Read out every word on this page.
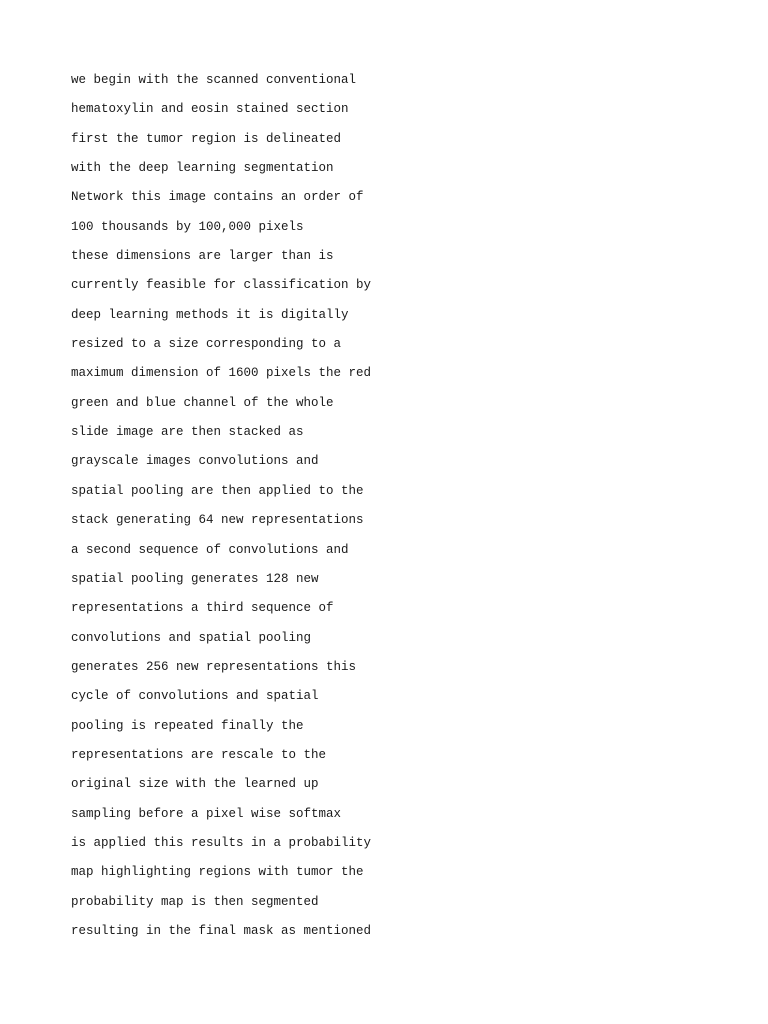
we begin with the scanned conventional
hematoxylin and eosin stained section
first the tumor region is delineated
with the deep learning segmentation
Network this image contains an order of
100 thousands by 100,000 pixels
these dimensions are larger than is
currently feasible for classification by
deep learning methods it is digitally
resized to a size corresponding to a
maximum dimension of 1600 pixels the red
green and blue channel of the whole
slide image are then stacked as
grayscale images convolutions and
spatial pooling are then applied to the
stack generating 64 new representations
a second sequence of convolutions and
spatial pooling generates 128 new
representations a third sequence of
convolutions and spatial pooling
generates 256 new representations this
cycle of convolutions and spatial
pooling is repeated finally the
representations are rescale to the
original size with the learned up
sampling before a pixel wise softmax
is applied this results in a probability
map highlighting regions with tumor the
probability map is then segmented
resulting in the final mask as mentioned
